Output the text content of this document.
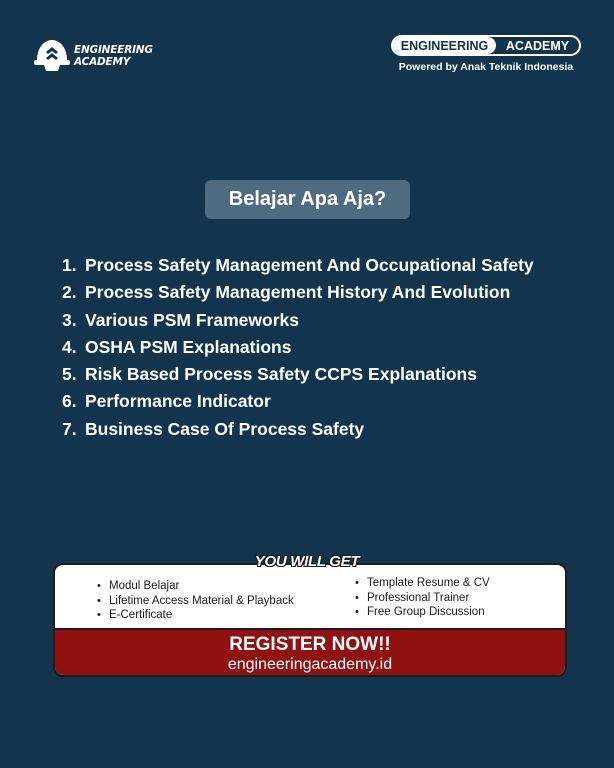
ENGINEERING
ACADEMY
ENGINEERING	ACADEMY
Powered by Anak Teknik Indonesia
Belajar Apa Aja?
1. Process Safety Management And Occupational Safety
2. Process Safety Management History And Evolution
3. Various PSM Frameworks
4. OSHA PSM Explanations
5. Risk Based Process Safety CCPS Explanations
6. Performance Indicator
7. Business Case Of Process Safety
YOU WILL GET
• Modul Belajar
• Lifetime Access Material & Playback
• E-Certificate
• Template Resume & CV
• Professional Trainer
• Free Group Discussion
REGISTER NOW!!
engineeringacademy.id
